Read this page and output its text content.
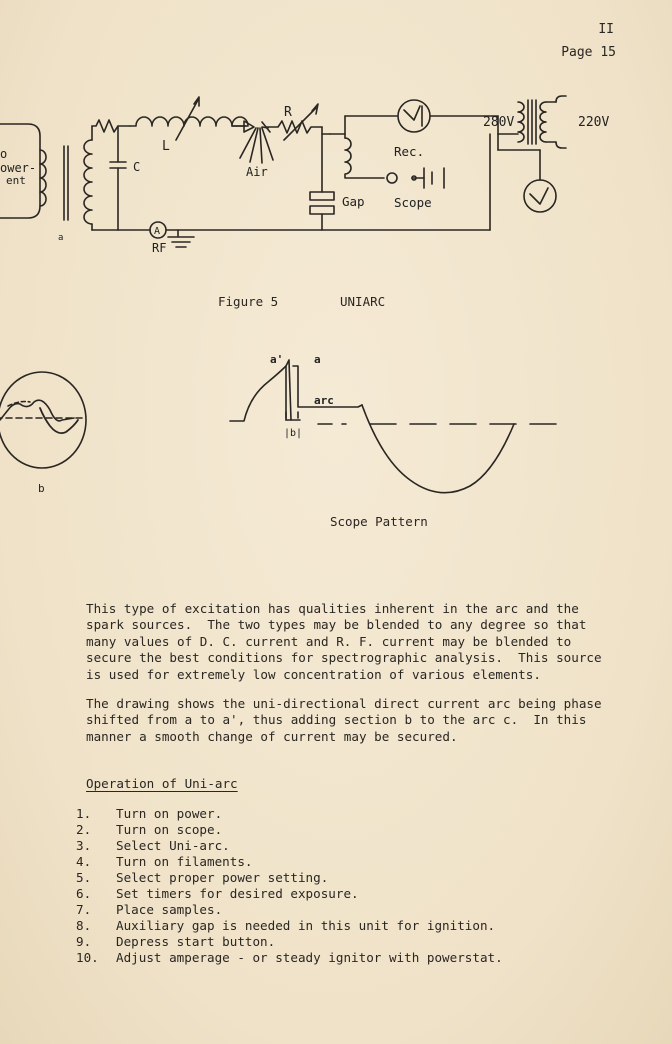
II
Page 15
o
ower-
ent
L
R
C	Air
Rec.
Gap Scope
280V	220V
A
RF
a
b
a'	a
arc
|b|
Figure 5	UNIARC
Scope Pattern

This type of excitation has qualities inherent in the arc and the
spark sources.  The two types may be blended to any degree so that
many values of D. C. current and R. F. current may be blended to
secure the best conditions for spectrographic analysis.  This source
is used for extremely low concentration of various elements.

The drawing shows the uni-directional direct current arc being phase
shifted from a to a', thus adding section b to the arc c.  In this
manner a smooth change of current may be secured.

Operation of Uni-arc
1.	Turn on power.
2.	Turn on scope.
3.	Select Uni-arc.
4.	Turn on filaments.
5.	Select proper power setting.
6.	Set timers for desired exposure.
7.	Place samples.
8.	Auxiliary gap is needed in this unit for ignition.
9.	Depress start button.
10.	Adjust amperage - or steady ignitor with powerstat.
